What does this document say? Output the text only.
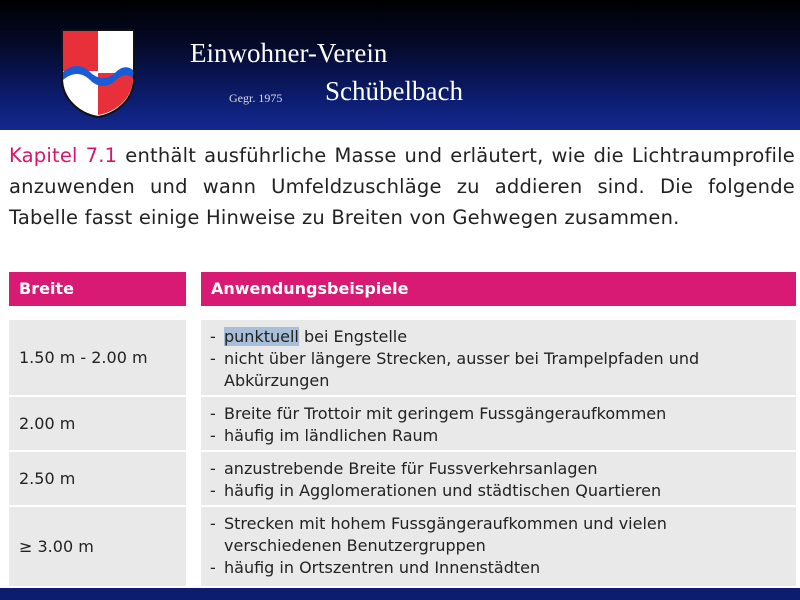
Einwohner-Verein
Gegr. 1975 Schübelbach
Kapitel 7.1 enthält ausführliche Masse und erläutert, wie die Lichtraumprofile anzuwenden und wann Umfeldzuschläge zu addieren sind. Die folgende Tabelle fasst einige Hinweise zu Breiten von Gehwegen zusammen.
Breite	Anwendungsbeispiele
1.50 m - 2.00 m
- punktuell bei Engstelle
- nicht über längere Strecken, ausser bei Trampelpfaden und Abkürzungen
2.00 m
- Breite für Trottoir mit geringem Fussgängeraufkommen
- häufig im ländlichen Raum
2.50 m
- anzustrebende Breite für Fussverkehrsanlagen
- häufig in Agglomerationen und städtischen Quartieren
≥ 3.00 m
- Strecken mit hohem Fussgängeraufkommen und vielen verschiedenen Benutzergruppen
- häufig in Ortszentren und Innenstädten
